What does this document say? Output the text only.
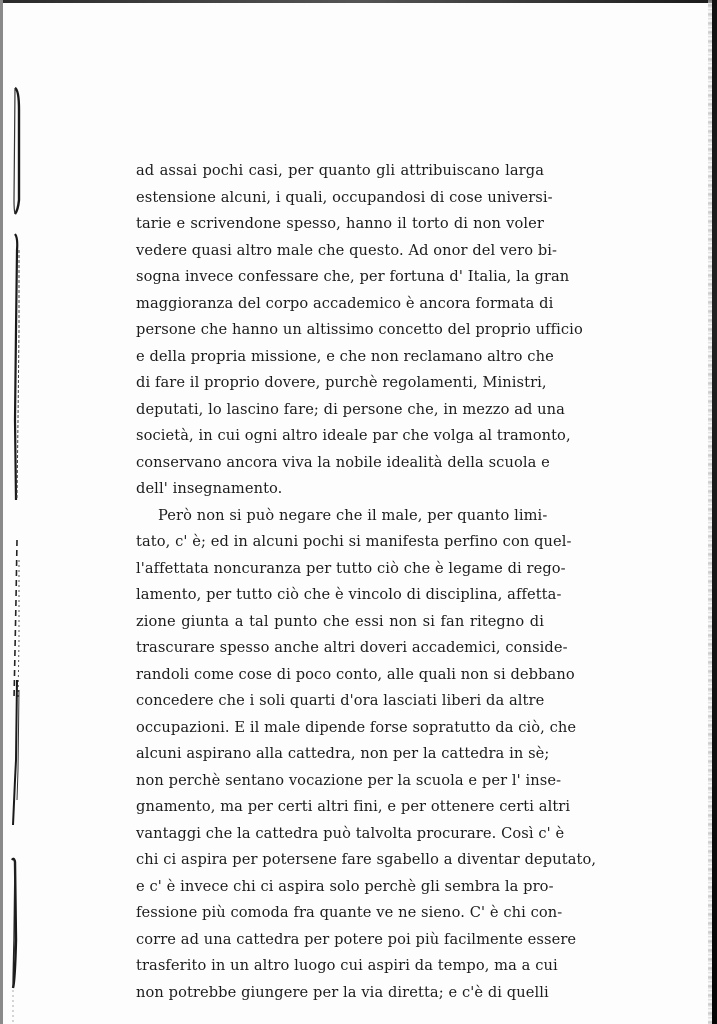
ad assai pochi casi, per quanto gli attribuiscano larga
estensione alcuni, i quali, occupandosi di cose universi-
tarie e scrivendone spesso, hanno il torto di non voler
vedere quasi altro male che questo. Ad onor del vero bi-
sogna invece confessare che, per fortuna d' Italia, la gran
maggioranza del corpo accademico è ancora formata di
persone che hanno un altissimo concetto del proprio ufficio
e della propria missione, e che non reclamano altro che
di fare il proprio dovere, purchè regolamenti, Ministri,
deputati, lo lascino fare; di persone che, in mezzo ad una
società, in cui ogni altro ideale par che volga al tramonto,
conservano ancora viva la nobile idealità della scuola e
dell' insegnamento.
Però non si può negare che il male, per quanto limi-
tato, c' è; ed in alcuni pochi si manifesta perfino con quel-
l'affettata noncuranza per tutto ciò che è legame di rego-
lamento, per tutto ciò che è vincolo di disciplina, affetta-
zione giunta a tal punto che essi non si fan ritegno di
trascurare spesso anche altri doveri accademici, conside-
randoli come cose di poco conto, alle quali non si debbano
concedere che i soli quarti d'ora lasciati liberi da altre
occupazioni. E il male dipende forse sopratutto da ciò, che
alcuni aspirano alla cattedra, non per la cattedra in sè;
non perchè sentano vocazione per la scuola e per l' inse-
gnamento, ma per certi altri fini, e per ottenere certi altri
vantaggi che la cattedra può talvolta procurare. Così c' è
chi ci aspira per potersene fare sgabello a diventar deputato,
e c' è invece chi ci aspira solo perchè gli sembra la pro-
fessione più comoda fra quante ve ne sieno. C' è chi con-
corre ad una cattedra per potere poi più facilmente essere
trasferito in un altro luogo cui aspiri da tempo, ma a cui
non potrebbe giungere per la via diretta; e c'è di quelli
